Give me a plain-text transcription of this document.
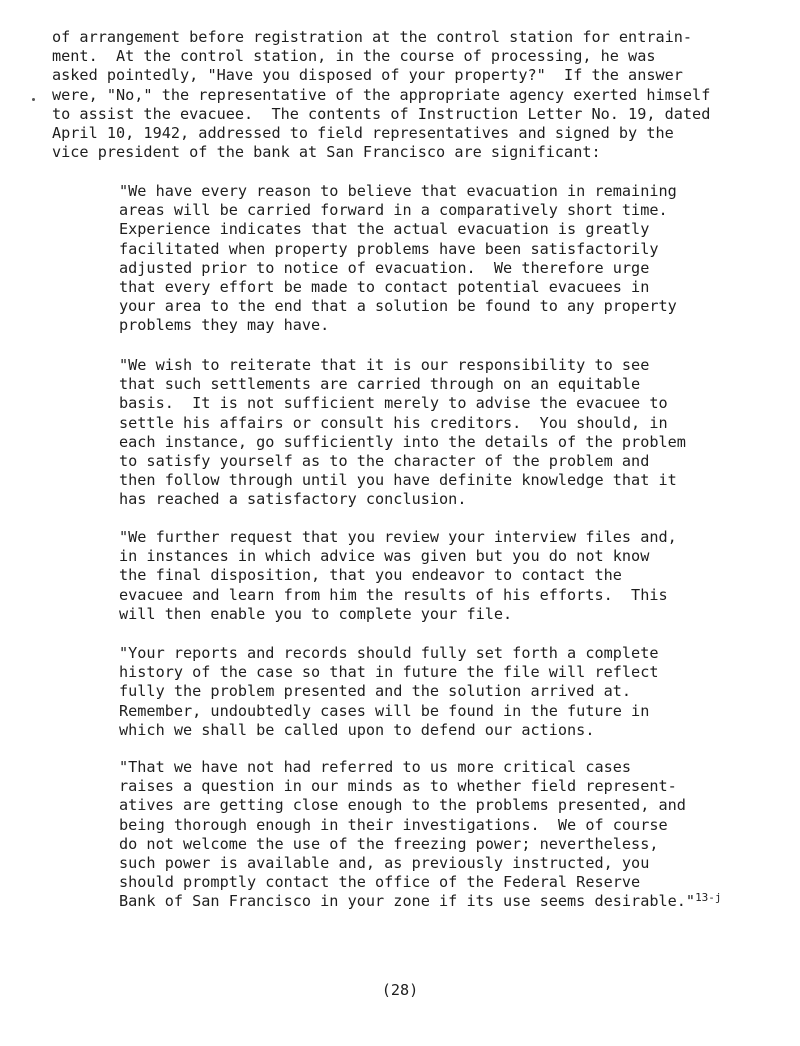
of arrangement before registration at the control station for entrain-
ment.  At the control station, in the course of processing, he was
asked pointedly, "Have you disposed of your property?"  If the answer
were, "No," the representative of the appropriate agency exerted himself
to assist the evacuee.  The contents of Instruction Letter No. 19, dated
April 10, 1942, addressed to field representatives and signed by the
vice president of the bank at San Francisco are significant:
"We have every reason to believe that evacuation in remaining
areas will be carried forward in a comparatively short time.
Experience indicates that the actual evacuation is greatly
facilitated when property problems have been satisfactorily
adjusted prior to notice of evacuation.  We therefore urge
that every effort be made to contact potential evacuees in
your area to the end that a solution be found to any property
problems they may have.
"We wish to reiterate that it is our responsibility to see
that such settlements are carried through on an equitable
basis.  It is not sufficient merely to advise the evacuee to
settle his affairs or consult his creditors.  You should, in
each instance, go sufficiently into the details of the problem
to satisfy yourself as to the character of the problem and
then follow through until you have definite knowledge that it
has reached a satisfactory conclusion.
"We further request that you review your interview files and,
in instances in which advice was given but you do not know
the final disposition, that you endeavor to contact the
evacuee and learn from him the results of his efforts.  This
will then enable you to complete your file.
"Your reports and records should fully set forth a complete
history of the case so that in future the file will reflect
fully the problem presented and the solution arrived at.
Remember, undoubtedly cases will be found in the future in
which we shall be called upon to defend our actions.
"That we have not had referred to us more critical cases
raises a question in our minds as to whether field represent-
atives are getting close enough to the problems presented, and
being thorough enough in their investigations.  We of course
do not welcome the use of the freezing power; nevertheless,
such power is available and, as previously instructed, you
should promptly contact the office of the Federal Reserve
Bank of San Francisco in your zone if its use seems desirable."$^{13-j}$
(28)
